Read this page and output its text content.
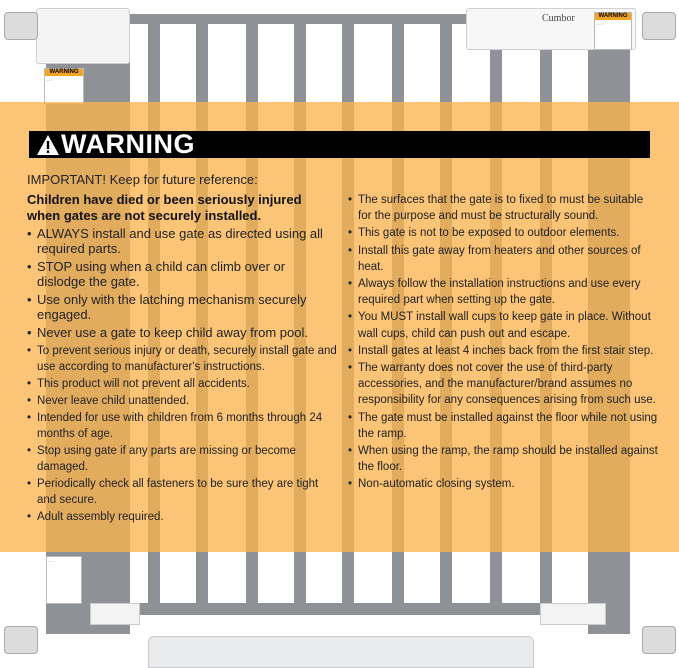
Cumbor
WARNING
......
WARNING
......
......
WARNING
IMPORTANT! Keep for future reference:
Children have died or been seriously injured when gates are not securely installed.
• ALWAYS install and use gate as directed using all required parts.
• STOP using when a child can climb over or dislodge the gate.
• Use only with the latching mechanism securely engaged.
• Never use a gate to keep child away from pool.
• To prevent serious injury or death, securely install gate and use according to manufacturer's instructions.
• This product will not prevent all accidents.
• Never leave child unattended.
• Intended for use with children from 6 months through 24 months of age.
• Stop using gate if any parts are missing or become damaged.
• Periodically check all fasteners to be sure they are tight and secure.
• Adult assembly required.
• The surfaces that the gate is to fixed to must be suitable for the purpose and must be structurally sound.
• This gate is not to be exposed to outdoor elements.
• Install this gate away from heaters and other sources of heat.
• Always follow the installation instructions and use every required part when setting up the gate.
• You MUST install wall cups to keep gate in place. Without wall cups, child can push out and escape.
• Install gates at least 4 inches back from the first stair step.
• The warranty does not cover the use of third-party accessories, and the manufacturer/brand assumes no responsibility for any consequences arising from such use.
• The gate must be installed against the floor while not using the ramp.
• When using the ramp, the ramp should be installed against the floor.
• Non-automatic closing system.
